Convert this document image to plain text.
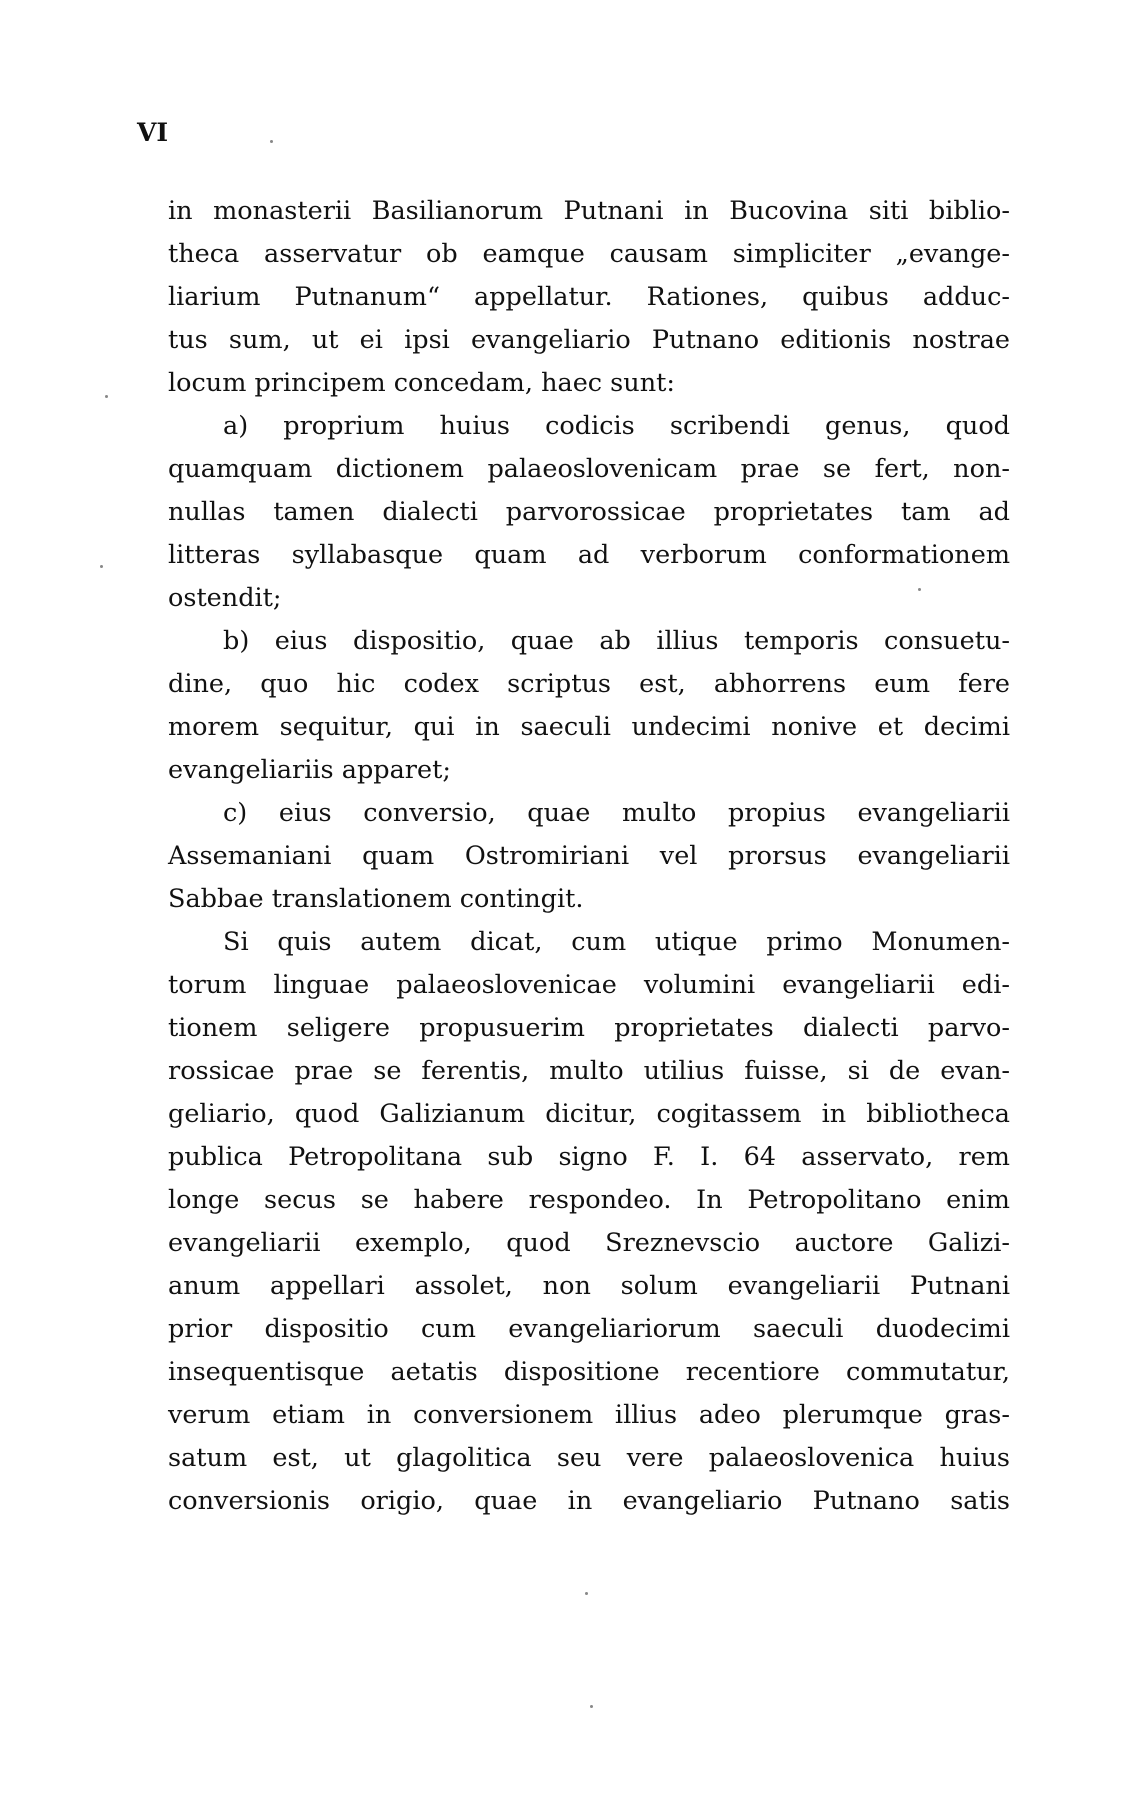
VI
in monasterii Basilianorum Putnani in Bucovina siti biblio-
theca asservatur ob eamque causam simpliciter „evange-
liarium Putnanum“ appellatur. Rationes, quibus adduc-
tus sum, ut ei ipsi evangeliario Putnano editionis nostrae
locum principem concedam, haec sunt:
a) proprium huius codicis scribendi genus, quod
quamquam dictionem palaeoslovenicam prae se fert, non-
nullas tamen dialecti parvorossicae proprietates tam ad
litteras syllabasque quam ad verborum conformationem
ostendit;
b) eius dispositio, quae ab illius temporis consuetu-
dine, quo hic codex scriptus est, abhorrens eum fere
morem sequitur, qui in saeculi undecimi nonive et decimi
evangeliariis apparet;
c) eius conversio, quae multo propius evangeliarii
Assemaniani quam Ostromiriani vel prorsus evangeliarii
Sabbae translationem contingit.
Si quis autem dicat, cum utique primo Monumen-
torum linguae palaeoslovenicae volumini evangeliarii edi-
tionem seligere propusuerim proprietates dialecti parvo-
rossicae prae se ferentis, multo utilius fuisse, si de evan-
geliario, quod Galizianum dicitur, cogitassem in bibliotheca
publica Petropolitana sub signo F. I. 64 asservato, rem
longe secus se habere respondeo. In Petropolitano enim
evangeliarii exemplo, quod Sreznevscio auctore Galizi-
anum appellari assolet, non solum evangeliarii Putnani
prior dispositio cum evangeliariorum saeculi duodecimi
insequentisque aetatis dispositione recentiore commutatur,
verum etiam in conversionem illius adeo plerumque gras-
satum est, ut glagolitica seu vere palaeoslovenica huius
conversionis origio, quae in evangeliario Putnano satis
